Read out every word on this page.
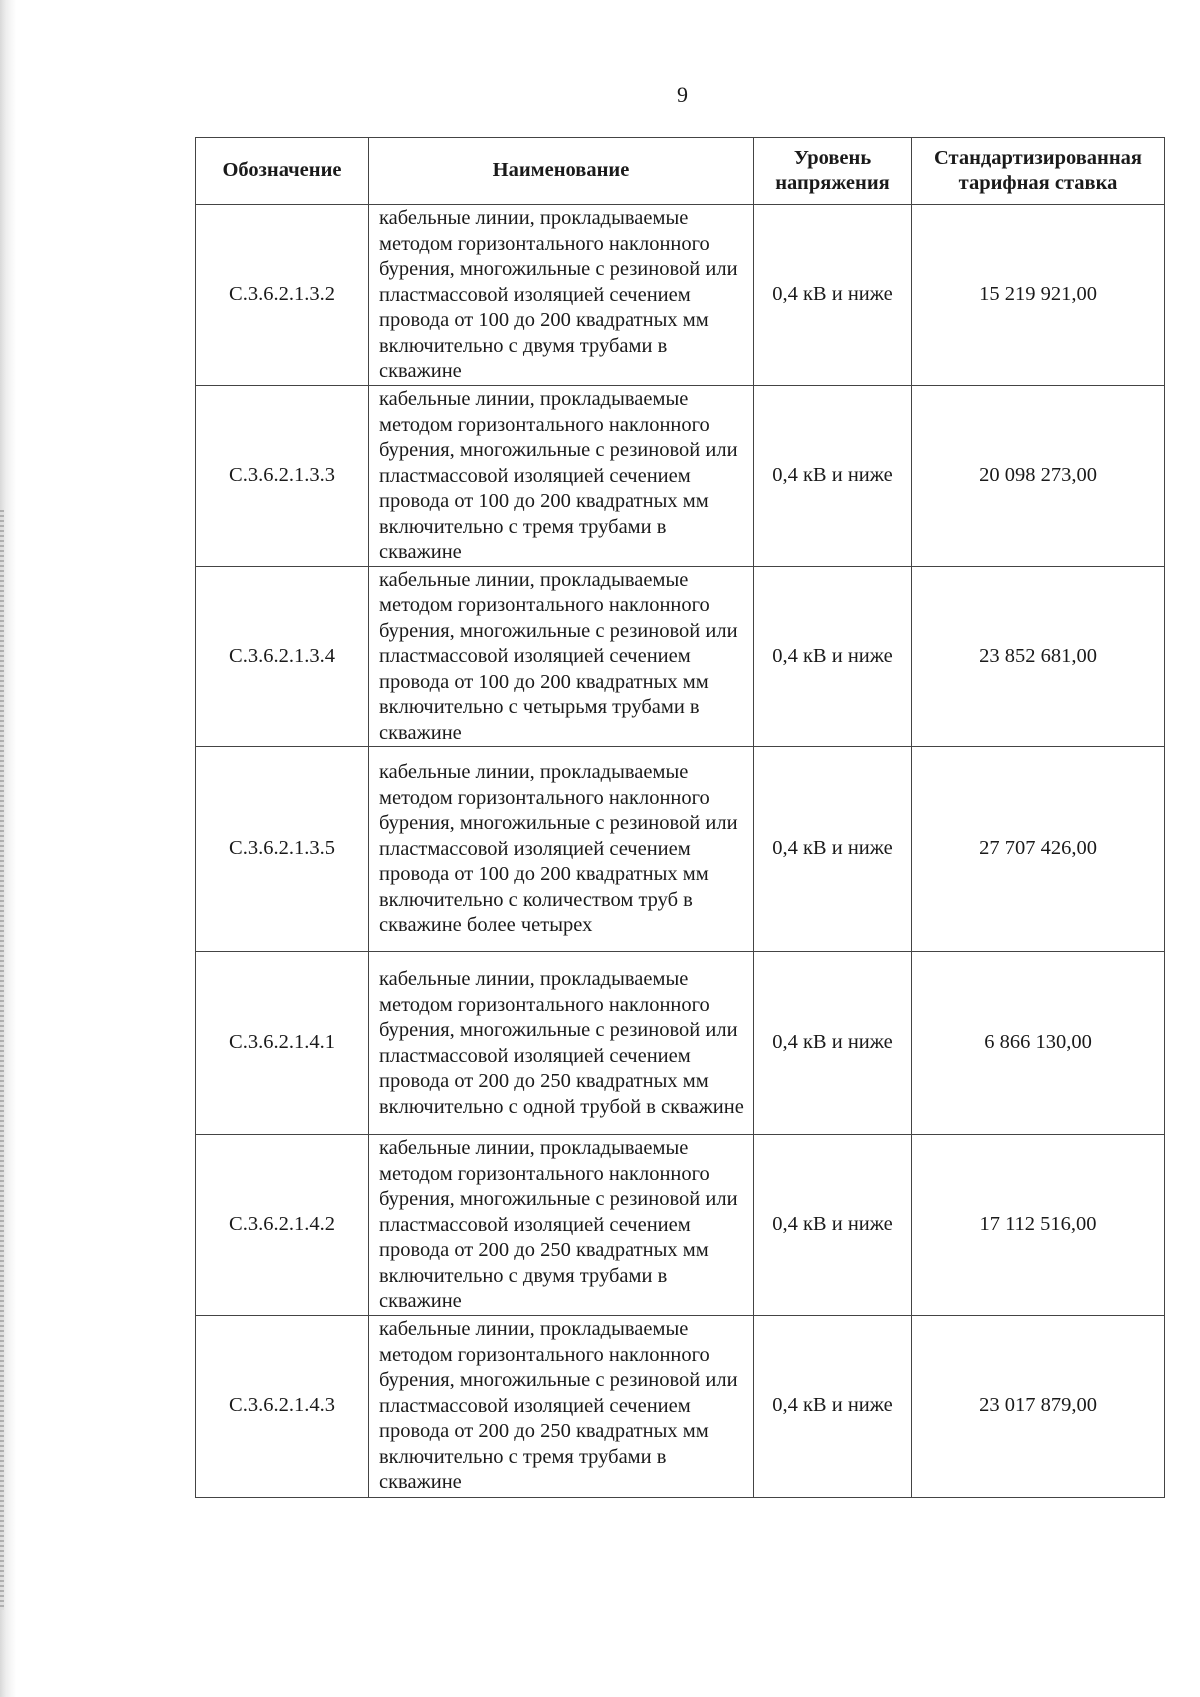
9
Обозначение	Наименование	Уровень напряжения	Стандартизированная тарифная ставка
С.3.6.2.1.3.2	кабельные линии, прокладываемые методом горизонтального наклонного бурения, многожильные с резиновой или пластмассовой изоляцией сечением провода от 100 до 200 квадратных мм включительно с двумя трубами в скважине	0,4 кВ и ниже	15 219 921,00
С.3.6.2.1.3.3	кабельные линии, прокладываемые методом горизонтального наклонного бурения, многожильные с резиновой или пластмассовой изоляцией сечением провода от 100 до 200 квадратных мм включительно с тремя трубами в скважине	0,4 кВ и ниже	20 098 273,00
С.3.6.2.1.3.4	кабельные линии, прокладываемые методом горизонтального наклонного бурения, многожильные с резиновой или пластмассовой изоляцией сечением провода от 100 до 200 квадратных мм включительно с четырьмя трубами в скважине	0,4 кВ и ниже	23 852 681,00
С.3.6.2.1.3.5	кабельные линии, прокладываемые методом горизонтального наклонного бурения, многожильные с резиновой или пластмассовой изоляцией сечением провода от 100 до 200 квадратных мм включительно с количеством труб в скважине более четырех	0,4 кВ и ниже	27 707 426,00
С.3.6.2.1.4.1	кабельные линии, прокладываемые методом горизонтального наклонного бурения, многожильные с резиновой или пластмассовой изоляцией сечением провода от 200 до 250 квадратных мм включительно с одной трубой в скважине	0,4 кВ и ниже	6 866 130,00
С.3.6.2.1.4.2	кабельные линии, прокладываемые методом горизонтального наклонного бурения, многожильные с резиновой или пластмассовой изоляцией сечением провода от 200 до 250 квадратных мм включительно с двумя трубами в скважине	0,4 кВ и ниже	17 112 516,00
С.3.6.2.1.4.3	кабельные линии, прокладываемые методом горизонтального наклонного бурения, многожильные с резиновой или пластмассовой изоляцией сечением провода от 200 до 250 квадратных мм включительно с тремя трубами в скважине	0,4 кВ и ниже	23 017 879,00
